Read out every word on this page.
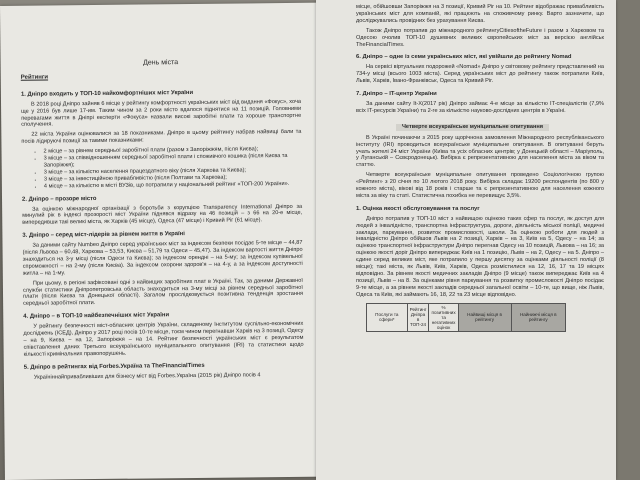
День міста
Рейтинги
1. Дніпро входить у ТОП-10 найкомфортніших міст України

В 2018 році Дніпро зайняв 6 місце у рейтингу комфортності українських міст від видання «Фокус», хоча ще у 2016 був лише 17-им. Таким чином за 2 роки місто вдалося піднятися на 11 позицій. Головними перевагами життя в Дніпрі експерти «Фокуса» назвали високі заробітні плати та хороше транспортне сполучення.

22 міста України оцінювалися за 18 показниками. Дніпро в цьому рейтингу набрав найвищі бали та посів лідируючі позиції за такими показниками:

• 2 місце – за рівнем середньої заробітної плати (разом з Запоріжжям, після Києва);
• 3 місце – за співвідношенням середньої заробітної плати і споживчого кошика (після Києва та Запоріжжя);
• 3 місце – за кількістю населення працездатного віку (після Харкова та Києва);
• 3 місце – за інвестиційною привабливістю (після Полтави та Харкова);
• 4 місце – за кількістю в місті ВУЗів, що потрапили у національний рейтинг «ТОП-200 України».
2. Дніпро – прозоре місто

За оцінкою міжнародної організації з боротьби з корупцією Transparency International Дніпро за минулий рік в індексі прозорості міст України піднявся відразу на 46 позицій – з 66 на 20-е місце, випередивши такі великі міста, як Харків (45 місце), Одеса (47 місце) і Кривий Ріг (61 місце).

3. Дніпро – серед міст-лідерів за рівнем життя в Україні

За даними сайту Numbeo Дніпро серед українських міст за індексом безпеки посідає 5-те місце – 44,87 (після Львова – 60,48, Харкова – 53,53, Києва – 51,79 та Одеси – 45,47). За індексом вартості життя Дніпро знаходиться на 3-у місці (після Одеси та Києва); за індексом орендні – на 5-му; за індексом купівельної спроможності – на 2-му (після Києва). За індексом охорони здоров'я – на 4-у, а за індексом доступності житла – на 1-му.

При цьому, в регіоні зафіксовані одні з найвищих заробітних плат в Україні. Так, за даними Державної служби статистики Дніпропетровська область знаходиться на 3-му місці за рівнем середньої заробітної плати (після Києва та Донецької області). Загалом прослідковується позитивна тенденція зростання середньої заробітної плати.

4. Дніпро – в ТОП-10 найбезпечніших міст України

У рейтингу безпечності міст-обласних центрів України, складеному Інститутом суспільно-економічних досліджень (ІСЕД), Дніпро у 2017 році посів 10-те місце, тоєм чином перегнавши Харків на 3 позиції, Одесу – на 9, Києва – на 12, Запоріжжя – на 14. Рейтинг безпечності українських міст є результатом співставлення даних Третього всеукраїнського муніципального опитування (IRI) та статистики щодо кількості кримінальних правопорушень.

5. Дніпро в рейтингах від Forbes.Україна та TheFinancialTimes

Україніннайпривабливіших для бізнесу міст від Forbes.Україна (2015 рік) Дніпро посів 4

місце, обійшовши Запоріжжя на 3 позиції, Кривий Ріг на 10. Рейтинг відображає привабливість українських міст для компаній, які працюють на споживчому ринку. Варто зазначити, що досліджувались провідних без урахування Києва.

Також Дніпро потрапив до міжнародного рейтингуCitiesoftheFuture і разом з Харковом та Одесою очолив ТОП-10 душевних великих європейських міст за версією англійськ TheFinancialTimes.

6. Дніпро – одне із семи українських міст, які увійшли до рейтингу Nomad

На сервісі віртуальних подорожей «Nomad» Дніпро у світовому рейтингу представлений на 734-у місці (всього 1003 міста). Серед українських міст до рейтингу також потрапили Київ, Львів, Харків, Івано-Франківськ, Одеса та Кривий Ріг.

7. Дніпро – IT-центр України

За даними сайту It-X(2017 рік) Дніпро займає 4-е місце за кількістю IT-спеціалістів (7,9% всіх IT-ресурсів України) та 2-ге за кількістю науково-дослідних центрів в Україні.

Четверте всеукраїнське муніципальне опитування

В Україні починаючи з 2015 року щорічнона замовлення Міжнародного республіканського інституту (IRI) проводиться всеукраїнське муніципальне опитування. В опитуванні беруть учать жителі 24 міст України (Київа та усіх обласних центрів; у Донецькій області – Маріуполь, у Луганській – Сєвєродонецьк). Вибірка є репрезентативною для населення міста за віком та статтю.

Четверте всеукраїнське муніципальне опитування проведено Соціологічною групою «Рейтинг» з 20 січня по 10 лютого 2018 року. Вибірка складає 19200 респондентів (по 800 у кожного міста), вікові від 18 років і старше та є репрезентативною для населення кожного міста за віку та статі. Статистична похибка не перевищує 3,5%.

1. Оцінка якості обслуговування та послуг

Дніпро потрапив у ТОП-10 міст з найвищою оцінкою таких сфер та послуг, як доступ для людей з інвалідністю, транспортна інфраструктура, дороги, діяльність міської поліції, медичні заклади, паркування, розвиток промисловості, школи. За оцінкою роботи для людей з інвалідністю Дніпро обійшов Львів на 2 позиції, Харків – на 3, Київ на 5, Одесу – на 14; за оцінкою транспортної інфраструктури Дніпро перегнав Одесу на 10 позицій, Львова – на 16; за оцінкою якості доріг Дніпро випереджає Київ на 1 позицію, Львів – на 2, Одесу – на 5. Дніпро – єдине серед великих міст, яке потрапило у першу десятку за оцінками діяльності поліції (8 місце); такі міста, як Львів, Київ, Харків, Одеса розмістилися на 12, 16, 17 та 19 місцях відповідно. За рівнем якості медичних закладів Дніпро (9 місце) також випереджає Київ на 4 позиції, Львів – на 8. За оцінками рівня паркування та розвитку промисловості Дніпро посідає 9-те місце, а за рівнем якості закладів середньої загальної освіти – 10-те, що вище, ніж Львів, Одеса та Київ, які займають 16, 18, 22 та 23 місце відповідно.

Послуги та сфери*	Рейтинг Дніпра в ТОП-24	% позитивних та негативних оцінок	Найвищі місця в рейтингу	Найнижчі місця в рейтингу
